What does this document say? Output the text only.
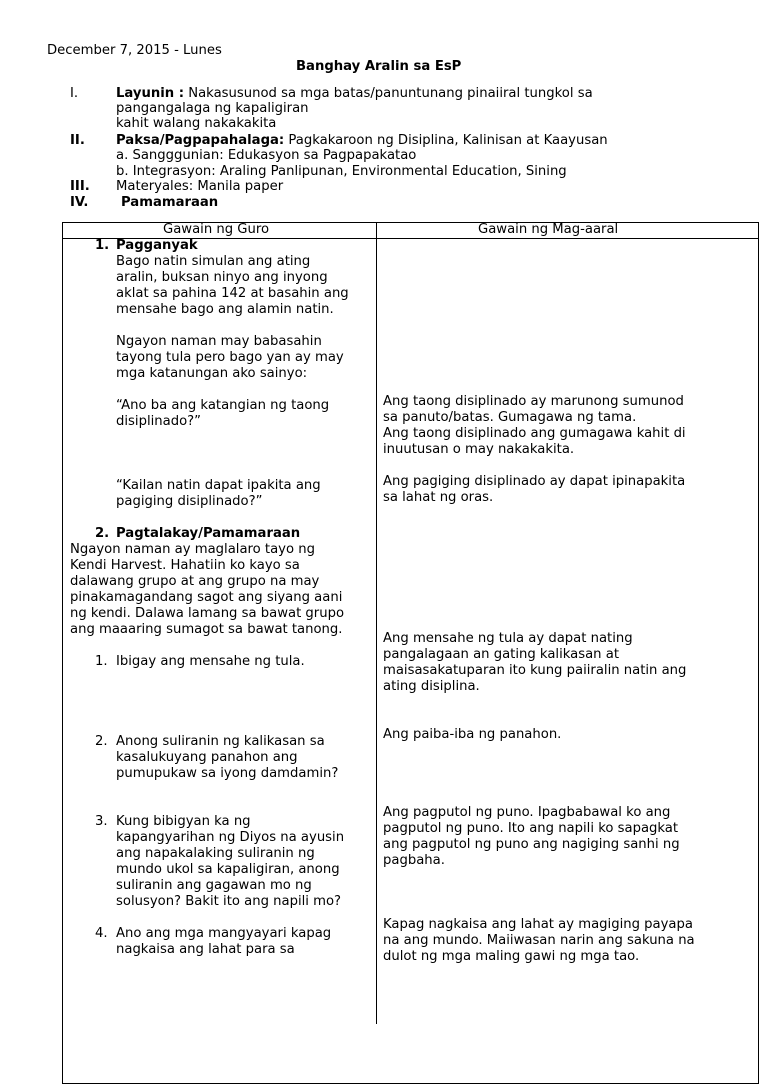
December 7, 2015 - Lunes
Banghay Aralin sa EsP
I.	Layunin : Nakasusunod sa mga batas/panuntunang pinaiiral tungkol sa
pangangalaga ng kapaligiran
kahit walang nakakakita
II. Paksa/Pagpapahalaga: Pagkakaroon ng Disiplina, Kalinisan at Kaayusan
a. Sangggunian: Edukasyon sa Pagpapakatao
b. Integrasyon: Araling Panlipunan, Environmental Education, Sining
III. Materyales: Manila paper
IV. Pamamaraan
Gawain ng Guro	Gawain ng Mag-aaral
1. Pagganyak

Bago natin simulan ang ating

aralin, buksan ninyo ang inyong

aklat sa pahina 142 at basahin ang

mensahe bago ang alamin natin.

Ngayon naman may babasahin

tayong tula pero bago yan ay may

mga katanungan ako sainyo:

“Ano ba ang katangian ng taong

disiplinado?”

“Kailan natin dapat ipakita ang

pagiging disiplinado?”

2. Pagtalakay/Pamamaraan

Ngayon naman ay maglalaro tayo ng

Kendi Harvest. Hahatiin ko kayo sa

dalawang grupo at ang grupo na may

pinakamagandang sagot ang siyang aani

ng kendi. Dalawa lamang sa bawat grupo

ang maaaring sumagot sa bawat tanong.

1. Ibigay ang mensahe ng tula.

2. Anong suliranin ng kalikasan sa

kasalukuyang panahon ang

pumupukaw sa iyong damdamin?

3. Kung bibigyan ka ng

kapangyarihan ng Diyos na ayusin

ang napakalaking suliranin ng

mundo ukol sa kapaligiran, anong

suliranin ang gagawan mo ng

solusyon? Bakit ito ang napili mo?

4. Ano ang mga mangyayari kapag

nagkaisa ang lahat para sa

Ang taong disiplinado ay marunong sumunod

sa panuto/batas. Gumagawa ng tama.

Ang taong disiplinado ang gumagawa kahit di

inuutusan o may nakakakita.

Ang pagiging disiplinado ay dapat ipinapakita

sa lahat ng oras.

Ang mensahe ng tula ay dapat nating

pangalagaan an gating kalikasan at

maisasakatuparan ito kung paiiralin natin ang

ating disiplina.

Ang paiba-iba ng panahon.

Ang pagputol ng puno. Ipagbabawal ko ang

pagputol ng puno. Ito ang napili ko sapagkat

ang pagputol ng puno ang nagiging sanhi ng

pagbaha.

Kapag nagkaisa ang lahat ay magiging payapa

na ang mundo. Maiiwasan narin ang sakuna na

dulot ng mga maling gawi ng mga tao.
